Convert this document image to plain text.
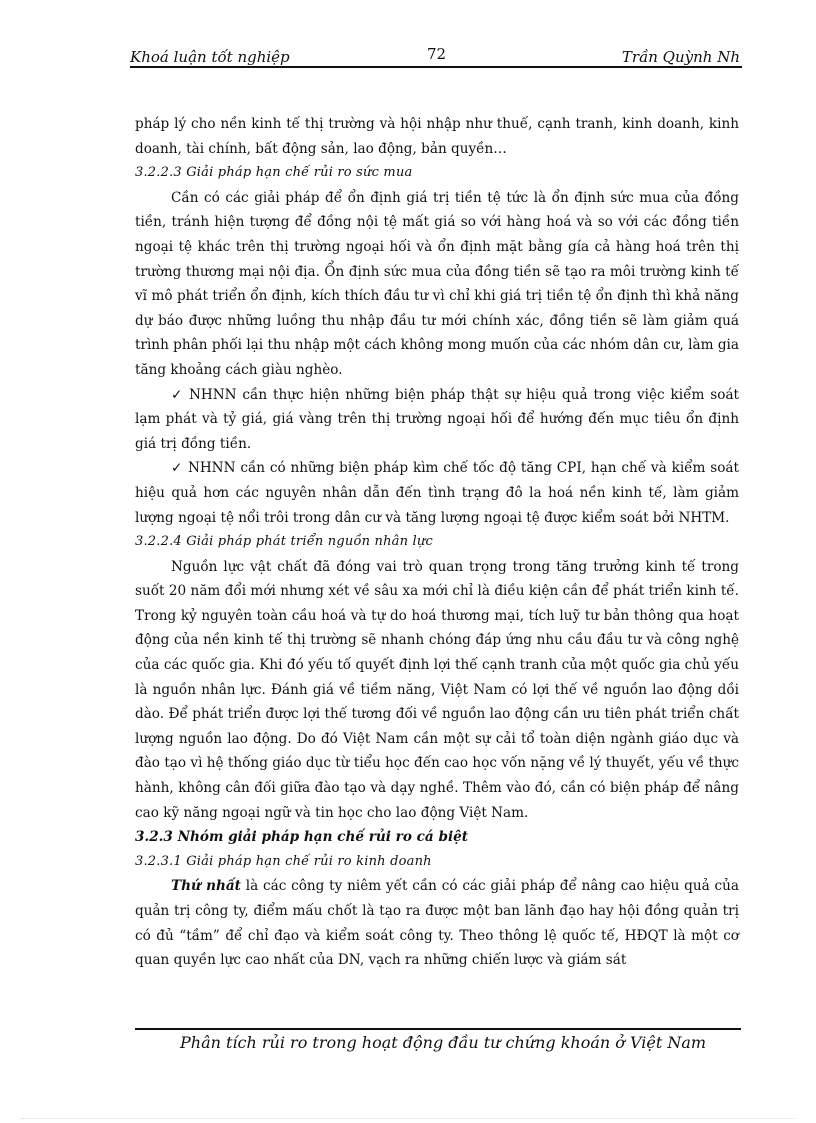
Khoá luận tốt nghiệp	72	Trần Quỳnh Nh

pháp lý cho nền kinh tế thị trường và hội nhập như thuế, cạnh tranh, kinh doanh, kinh doanh, tài chính, bất động sản, lao động, bản quyền…

3.2.2.3 Giải pháp hạn chế rủi ro sức mua

Cần có các giải pháp để ổn định giá trị tiền tệ tức là ổn định sức mua của đồng tiền, tránh hiện tượng để đồng nội tệ mất giá so với hàng hoá và so với các đồng tiền ngoại tệ khác trên thị trường ngoại hối và ổn định mặt bằng gía cả hàng hoá trên thị trường thương mại nội địa. Ổn định sức mua của đồng tiền sẽ tạo ra môi trường kinh tế vĩ mô phát triển ổn định, kích thích đầu tư vì chỉ khi giá trị tiền tệ ổn định thì khả năng dự báo được những luồng thu nhập đầu tư mới chính xác, đồng tiền sẽ làm giảm quá trình phân phối lại thu nhập một cách không mong muốn của các nhóm dân cư, làm gia tăng khoảng cách giàu nghèo.

✓ NHNN cần thực hiện những biện pháp thật sự hiệu quả trong việc kiểm soát lạm phát và tỷ giá, giá vàng trên thị trường ngoại hối để hướng đến mục tiêu ổn định giá trị đồng tiền.

✓ NHNN cần có những biện pháp kìm chế tốc độ tăng CPI, hạn chế và kiểm soát hiệu quả hơn các nguyên nhân dẫn đến tình trạng đô la hoá nền kinh tế, làm giảm lượng ngoại tệ nổi trôi trong dân cư và tăng lượng ngoại tệ được kiểm soát bởi NHTM.

3.2.2.4 Giải pháp phát triển nguồn nhân lực

Nguồn lực vật chất đã đóng vai trò quan trọng trong tăng trưởng kinh tế trong suốt 20 năm đổi mới nhưng xét về sâu xa mới chỉ là điều kiện cần để phát triển kinh tế. Trong kỷ nguyên toàn cầu hoá và tự do hoá thương mại, tích luỹ tư bản thông qua hoạt động của nền kinh tế thị trường sẽ nhanh chóng đáp ứng nhu cầu đầu tư và công nghệ của các quốc gia. Khi đó yếu tố quyết định lợi thế cạnh tranh của một quốc gia chủ yếu là nguồn nhân lực. Đánh giá về tiềm năng, Việt Nam có lợi thế về nguồn lao động dồi dào. Để phát triển được lợi thế tương đối về nguồn lao động cần ưu tiên phát triển chất lượng nguồn lao động. Do đó Việt Nam cần một sự cải tổ toàn diện ngành giáo dục và đào tạo vì hệ thống giáo dục từ tiểu học đến cao học vốn nặng về lý thuyết, yếu về thực hành, không cân đối giữa đào tạo và dạy nghề. Thêm vào đó, cần có biện pháp để nâng cao kỹ năng ngoại ngữ và tin học cho lao động Việt Nam.

3.2.3 Nhóm giải pháp hạn chế rủi ro cá biệt

3.2.3.1 Giải pháp hạn chế rủi ro kinh doanh

Thứ nhất là các công ty niêm yết cần có các giải pháp để nâng cao hiệu quả của quản trị công ty, điểm mấu chốt là tạo ra được một ban lãnh đạo hay hội đồng quản trị có đủ “tầm” để chỉ đạo và kiểm soát công ty. Theo thông lệ quốc tế, HĐQT là một cơ quan quyền lực cao nhất của DN, vạch ra những chiến lược và giám sát

Phân tích rủi ro trong hoạt động đầu tư chứng khoán ở Việt Nam
